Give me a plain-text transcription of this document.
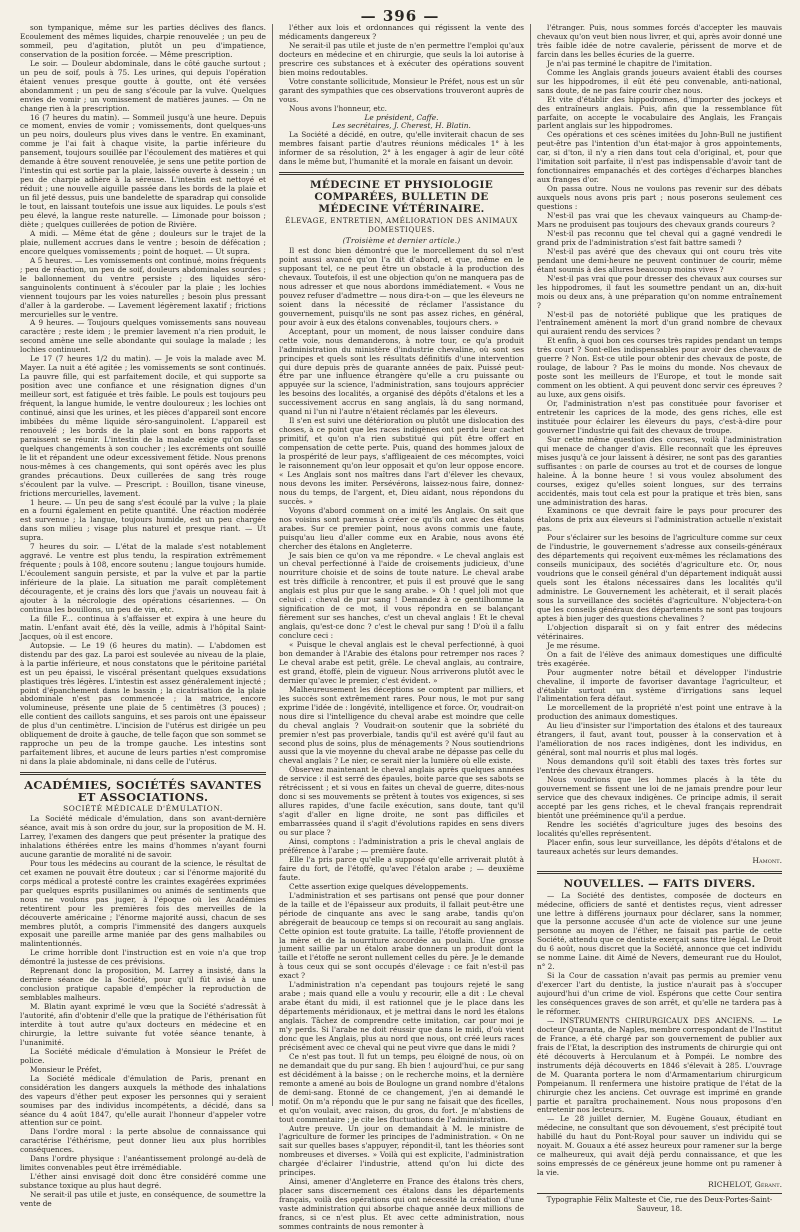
— 396 —

son tympanique, même sur les parties déclives des flancs. Ecoulement des mêmes liquides, charpie renouvelée ; un peu de sommeil, peu d'agitation, plutôt un peu d'impatience, conservation de la position forcée. — Même prescription.

Le soir. — Douleur abdominale, dans le côté gauche surtout ; un peu de soif, pouls à 75. Les urines, qui depuis l'opération étaient venues presque goutte à goutte, ont été versées abondamment ; un peu de sang s'écoule par la vulve. Quelques envies de vomir ; un vomissement de matières jaunes. — On ne change rien à la prescription.

16 (7 heures du matin). — Sommeil jusqu'à une heure. Depuis ce moment, envies de vomir ; vomissements, dont quelques-uns un peu noirs, douleurs plus vives dans le ventre. En examinant, comme je l'ai fait à chaque visite, la partie inférieure du pansement, toujours souillée par l'écoulement des matières et qui demande à être souvent renouvelée, je sens une petite portion de l'intestin qui est sortie par la plaie, laissée ouverte à dessein ; un peu de charpie adhère à la séreuse. L'intestin est nettoyé et réduit ; une nouvelle aiguille passée dans les bords de la plaie et un fil jeté dessus, puis une bandelette de sparadrap qui consolide le tout, en laissant toutefois une issue aux liquides. Le pouls s'est peu élevé, la langue reste naturelle. — Limonade pour boisson ; diète ; quelques cuillerées de potion de Rivière.

A midi. — Même état de gêne ; douleurs sur le trajet de la plaie, nullement accrues dans le ventre ; besoin de défécation ; encore quelques vomissements ; point de hoquet. — Ut supra.

A 5 heures. — Les vomissements ont continué, moins fréquents ; peu de réaction, un peu de soif, douleurs abdominales sourdes ; le ballonnement du ventre persiste ; des liquides séro-sanguinolents continuent à s'écouler par la plaie ; les lochies viennent toujours par les voies naturelles ; besoin plus pressant d'aller à la garderobe. — Lavement légèrement laxatif ; frictions mercurielles sur le ventre.

A 9 heures. — Toujours quelques vomissements sans nouveau caractère ; reste idem ; le premier lavement n'a rien produit, le second amène une selle abondante qui soulage la malade ; les lochies continuent.

Le 17 (7 heures 1/2 du matin). — Je vois la malade avec M. Mayer. La nuit a été agitée ; les vomissements se sont continués. La pauvre fille, qui est parfaitement docile, et qui supporte sa position avec une confiance et une résignation dignes d'un meilleur sort, est fatiguée et très faible. Le pouls est toujours peu fréquent, la langue humide, le ventre douloureux ; les lochies ont continué, ainsi que les urines, et les pièces d'appareil sont encore imbibées du même liquide séro-sanguinolent. L'appareil est renouvelé ; les bords de la plaie sont en bons rapports et paraissent se réunir. L'intestin de la malade exige qu'on fasse quelques changements à son coucher ; les excréments ont souillé le lit et répandent une odeur excessivement fétide. Nous prenons nous-mêmes à ces changements, qui sont opérés avec les plus grandes précautions. Deux cuillerées de sang très rouge s'écoulent par la vulve. — Prescript. : Bouillon, tisane vineuse, frictions mercurielles, lavement.

1 heure. — Un peu de sang s'est écoulé par la vulve ; la plaie en a fourni également en petite quantité. Une réaction modérée est survenue ; la langue, toujours humide, est un peu chargée dans son milieu ; visage plus naturel et presque riant. — Ut supra.

7 heures du soir. — L'état de la malade s'est notablement aggravé. Le ventre est plus tendu, la respiration extrêmement fréquente ; pouls à 108, encore soutenu ; langue toujours humide. L'écoulement sanguin persiste, et par la vulve et par la partie inférieure de la plaie. La situation me paraît complètement découragente, et je crains dès lors que j'avais un nouveau fait à ajouter à la nécrologie des opérations césariennes. — On continua les bouillons, un peu de vin, etc.

La fille F... continua à s'affaisser et expira à une heure du matin. L'enfant avait été, dès la veille, admis à l'hôpital Saint-Jacques, où il est encore.

Autopsie. — Le 19 (6 heures du matin). — L'abdomen est distendu par des gaz. La paroi est soulevée au niveau de la plaie, à la partie inférieure, et nous constatons que le péritoine pariétal est un peu épaissi, le viscéral présentant quelques exsudations plastiques très légères. L'intestin est assez généralement injecté ; point d'épanchement dans le bassin ; la cicatrisation de la plaie abdominale n'est pas commencée ; la matrice, encore volumineuse, présente une plaie de 5 centimètres (3 pouces) ; elle contient des caillots sanguins, et ses parois ont une épaisseur de plus d'un centimètre. L'incision de l'utérus est dirigée un peu obliquement de droite à gauche, de telle façon que son sommet se rapproche un peu de la trompe gauche. Les intestins sont parfaitement libres, et aucune de leurs parties n'est compromise ni dans la plaie abdominale, ni dans celle de l'utérus.

ACADÉMIES, SOCIÉTÉS SAVANTES ET ASSOCIATIONS.
SOCIÉTÉ MÉDICALE D'ÉMULATION.

La Société médicale d'émulation, dans son avant-dernière séance, avait mis à son ordre du jour, sur la proposition de M. H. Larrey, l'examen des dangers que peut présenter la pratique des inhalations éthérées entre les mains d'hommes n'ayant fourni aucune garantie de moralité ni de savoir.

Pour tous les médecins au courant de la science, le résultat de cet examen ne pouvait être douteux ; car si l'énorme majorité du corps médical a protesté contre les craintes exagérées exprimées par quelques esprits pusillanimes ou animés de sentiments que nous ne voulons pas juger, à l'époque où les Académies retentirent pour les premières fois des merveilles de la découverte américaine ; l'énorme majorité aussi, chacun de ses membres plutôt, a compris l'immensité des dangers auxquels exposait une pareille arme maniée par des gens malhabiles ou malintentionnés.

Le crime horrible dont l'instruction est en voie n'a que trop démontré la justesse de ces prévisions.

Reprenant donc la proposition, M. Larrey a insisté, dans la dernière séance de la Société, pour qu'il fût avisé à une conclusion pratique capable d'empêcher la reproduction de semblables malheurs.

M. Blatin ayant exprimé le vœu que la Société s'adressât à l'autorité, afin d'obtenir d'elle que la pratique de l'éthérisation fût interdite à tout autre qu'aux docteurs en médecine et en chirurgie, la lettre suivante fut votée séance tenante, à l'unanimité.

La Société médicale d'émulation à Monsieur le Préfet de police.

Monsieur le Préfet,

La Société médicale d'émulation de Paris, prenant en considération les dangers auxquels la méthode des inhalations des vapeurs d'éther peut exposer les personnes qui y seraient soumises par des individus incompétents, a décidé, dans sa séance du 4 août 1847, qu'elle aurait l'honneur d'appeler votre attention sur ce point.

Dans l'ordre moral : la perte absolue de connaissance qui caractérise l'éthérisme, peut donner lieu aux plus horribles conséquences.

Dans l'ordre physique : l'anéantissement prolongé au-delà de limites convenables peut être irrémédiable.

L'éther ainsi envisagé doit donc être considéré comme une substance toxique au plus haut degré.

Ne serait-il pas utile et juste, en conséquence, de soumettre la vente de

l'éther aux lois et ordonnances qui régissent la vente des médicaments dangereux ?

Ne serait-il pas utile et juste de n'en permettre l'emploi qu'aux docteurs en médecine et en chirurgie, que seuls la loi autorise à prescrire ces substances et à exécuter des opérations souvent bien moins redoutables.

Votre constante sollicitude, Monsieur le Préfet, nous est un sûr garant des sympathies que ces observations trouveront auprès de vous.

Nous avons l'honneur, etc.

Le président, Caffe.
Les secrétaires, J. Cherest, H. Blatin.

La Société a décidé, en outre, qu'elle inviterait chacun de ses membres faisant partie d'autres réunions médicales 1° à les informer de sa résolution, 2° à les engager à agir de leur côté dans le même but, l'humanité et la morale en faisant un devoir.

MÉDECINE ET PHYSIOLOGIE COMPARÉES, BULLETIN DE MÉDECINE VÉTÉRINAIRE.
ÉLEVAGE, ENTRETIEN, AMÉLIORATION DES ANIMAUX DOMESTIQUES.
(Troisième et dernier article.)

Il est donc bien démontré que le morcellement du sol n'est point aussi avancé qu'on l'a dit d'abord, et que, même en le supposant tel, ce ne peut être un obstacle à la production des chevaux. Toutefois, il est une objection qu'on ne manquera pas de nous adresser et que nous abordons immédiatement. « Vous ne pouvez refuser d'admettre — nous dira-t-on — que les éleveurs ne soient dans la nécessité de réclamer l'assistance du gouvernement, puisqu'ils ne sont pas assez riches, en général, pour avoir à eux des étalons convenables, toujours chers. »

Acceptant, pour un moment, de nous laisser conduire dans cette voie, nous demanderons, à notre tour, ce qu'a produit l'administration du ministère d'industrie chevaline, où sont ses principes et quels sont les résultats définitifs d'une intervention qui dure depuis près de quarante années de paix. Puissé peut-être par une influence étrangère qu'elle a cru puissante ou appuyée sur la science, l'administration, sans toujours apprécier les besoins des localités, a organisé des dépôts d'étalons et les a successivement accrus en sang anglais, là du sang normand, quand ni l'un ni l'autre n'étaient réclamés par les éleveurs.

Il s'en est suivi une détérioration ou plutôt une dislocation des choses, à ce point que les races indigènes ont perdu leur cachet primitif, et qu'on n'a rien substitué qui pût être offert en compensation de cette perte. Puis, quand des hommes jaloux de la prospérité de leur pays, s'affligeaient de ces mécomptes, voici le raisonnement qu'on leur opposait et qu'on leur oppose encore. « Les Anglais sont nos maîtres dans l'art d'élever les chevaux, nous devons les imiter. Persévérons, laissez-nous faire, donnez-nous du temps, de l'argent, et, Dieu aidant, nous répondons du succès. »

Voyons d'abord comment on a imité les Anglais. On sait que nos voisins sont parvenus à créer ce qu'ils ont avec des étalons arabes. Sur ce premier point, nous avons commis une faute, puisqu'au lieu d'aller comme eux en Arabie, nous avons été chercher des étalons en Angleterre.

Je sais bien ce qu'on va me répondre. « Le cheval anglais est un cheval perfectionné à l'aide de croisements judicieux, d'une nourriture choisie et de soins de toute nature. Le cheval arabe est très difficile à rencontrer, et puis il est prouvé que le sang anglais est plus pur que le sang arabe. » Oh ! quel joli mot que celui-ci : cheval de pur sang ! Demandez à ce gentilhomme la signification de ce mot, il vous répondra en se balançant fièrement sur ses hanches, c'est un cheval anglais ! Et le cheval anglais, qu'est-ce donc ? c'est le cheval pur sang ! D'où il a fallu conclure ceci :

« Puisque le cheval anglais est le cheval perfectionné, à quoi bon demander à l'Arabie des étalons pour retremper nos races ? Le cheval arabe est petit, grêle. Le cheval anglais, au contraire, est grand, étoffé, plein de vigueur. Nous arriverons plutôt avec le dernier qu'avec le premier, c'est évident. »

Malheureusement les déceptions se comptent par milliers, et les succès sont extrêmement rares. Pour nous, le mot pur sang exprime l'idée de : longévité, intelligence et force. Or, voudrait-on nous dire si l'intelligence du cheval arabe est moindre que celle du cheval anglais ? Voudrait-on soutenir que la sobriété du premier n'est pas proverbiale, tandis qu'il est avéré qu'il faut au second plus de soins, plus de ménagements ? Nous soutiendrions aussi que la vie moyenne du cheval arabe ne dépasse pas celle du cheval anglais ? Le nier, ce serait nier la lumière où elle existe.

Observez maintenant le cheval anglais après quelques années de service : il est serré des épaules, boite parce que ses sabots se rétrécissent ; et si vous en faites un cheval de guerre, dites-nous donc si ses mouvements se prêtent à toutes vos exigences, si ses allures rapides, d'une facile exécution, sans doute, tant qu'il s'agit d'aller en ligne droite, ne sont pas difficiles et embarrassées quand il s'agit d'évolutions rapides en sens divers ou sur place ?

Ainsi, comptons : l'administration a pris le cheval anglais de préférence à l'arabe ; — première faute.

Elle l'a pris parce qu'elle a supposé qu'elle arriverait plutôt à faire du fort, de l'étoffé, qu'avec l'étalon arabe ; — deuxième faute.

Cette assertion exige quelques développements.

L'administration et ses partisans ont pensé que pour donner de la taille et de l'épaisseur aux produits, il fallait peut-être une période de cinquante ans avec le sang arabe, tandis qu'on abrégerait de beaucoup ce temps si on recourait au sang anglais. Cette opinion est toute gratuite. La taille, l'étoffe proviennent de la mère et de la nourriture accordée au poulain. Une grosse jument saillie par un étalon arabe donnera un produit dont la taille et l'étoffe ne seront nullement celles du père. Je le demande à tous ceux qui se sont occupés d'élevage : ce fait n'est-il pas exact ?

L'administration n'a cependant pas toujours rejeté le sang arabe ; mais quand elle a voulu y recourir, elle a dit : Le cheval arabe étant du midi, il est rationnel que je le place dans les départements méridionaux, et je mettrai dans le nord les étalons anglais. Tâchez de comprendre cette imitation, car pour moi je m'y perds. Si l'arabe ne doit réussir que dans le midi, d'où vient donc que les Anglais, plus au nord que nous, ont créé leurs races précisément avec ce cheval qui ne peut vivre que dans le midi ?

Ce n'est pas tout. Il fut un temps, peu éloigné de nous, où on ne demandait que du pur sang. Eh bien ! aujourd'hui, ce pur sang est décidément à la baisse ; on le recherche moins, et la dernière remonte a amené au bois de Boulogne un grand nombre d'étalons de demi-sang. Etonné de ce changement, j'en ai demandé le motif. On m'a répondu que le pur sang ne faisait que des ficelles, et qu'on voulait, avec raison, du gros, du fort. Je m'abstiens de tout commentaire ; je cite les fluctuations de l'administration.

Autre preuve. Un jour on demandait à M. le ministre de l'agriculture de former les principes de l'administration. « On ne sait sur quelles bases s'appuyer, répondit-il, tant les théories sont nombreuses et diverses. » Voilà qui est explicite, l'administration chargée d'éclairer l'industrie, attend qu'on lui dicte des principes.

Ainsi, amener d'Angleterre en France des étalons très chers, placer sans discernement ces étalons dans les départements français, voilà des opérations qui ont nécessité la création d'une vaste administration qui absorbe chaque année deux millions de francs, si ce n'est plus. Et avec cette administration, nous sommes contraints de nous remonter à

l'étranger. Puis, nous sommes forcés d'accepter les mauvais chevaux qu'on veut bien nous livrer, et qui, après avoir donné une très faible idée de notre cavalerie, périssent de morve et de farcin dans les belles écuries de la guerre.

Je n'ai pas terminé le chapitre de l'imitation.

Comme les Anglais grands joueurs avaient établi des courses sur les hippodromes, il eût été peu convenable, anti-national, sans doute, de ne pas faire courir chez nous.

Et vite d'établir des hippodromes, d'importer des jockeys et des entraîneurs anglais. Puis, afin que la ressemblance fût parfaite, on accepte le vocabulaire des Anglais, les Français parlent anglais sur les hippodromes.

Ces opérations et ces scènes imitées du John-Bull ne justifient peut-être pas l'intention d'un état-major à gros appointements, car, si d'ton, il n'y a rien dans tout cela d'original, et, pour que l'imitation soit parfaite, il n'est pas indispensable d'avoir tant de fonctionnaires empanachés et des cortèges d'écharpes blanches aux franges d'or.

On passa outre. Nous ne voulons pas revenir sur des débats auxquels nous avons pris part ; nous poserons seulement ces questions :

N'est-il pas vrai que les chevaux vainqueurs au Champ-de-Mars ne produisent pas toujours des chevaux grands coureurs ?

N'est-il pas reconnu que tel cheval qui a gagné vendredi le grand prix de l'administration s'est fait battre samedi ?

N'est-il pas avéré que des chevaux qui ont couru très vite pendant une demi-heure ne peuvent continuer de courir, même étant soumis à des allures beaucoup moins vives ?

N'est-il pas vrai que pour dresser des chevaux aux courses sur les hippodromes, il faut les soumettre pendant un an, dix-huit mois ou deux ans, à une préparation qu'on nomme entraînement ?

N'est-il pas de notoriété publique que les pratiques de l'entraînement amènent la mort d'un grand nombre de chevaux qui auraient rendu des services ?

Et enfin, à quoi bon ces courses très rapides pendant un temps très court ? Sont-elles indispensables pour avoir des chevaux de guerre ? Non. Est-ce utile pour obtenir des chevaux de poste, de roulage, de labour ? Pas le moins du monde. Nos chevaux de poste sont les meilleurs de l'Europe, et tout le monde sait comment on les obtient. A qui peuvent donc servir ces épreuves ? au luxe, aux gens oisifs.

Or, l'administration n'est pas constituée pour favoriser et entretenir les caprices de la mode, des gens riches, elle est instituée pour éclairer les éleveurs du pays, c'est-à-dire pour gouverner l'industrie qui fait des chevaux de troupe.

Sur cette même question des courses, voilà l'administration qui menace de changer d'avis. Elle reconnaît que les épreuves mises jusqu'à ce jour laissent à désirer, ne sont pas des garanties suffisantes : on parle de courses au trot et de courses de longue haleine. À la bonne heure ! si vous voulez absolument des courses, exigez qu'elles soient longues, sur des terrains accidentés, mais tout cela est pour la pratique et très bien, sans une administration des haras.

Examinons ce que devrait faire le pays pour procurer des étalons de prix aux éleveurs si l'administration actuelle n'existait pas.

Pour s'éclairer sur les besoins de l'agriculture comme sur ceux de l'industrie, le gouvernement s'adresse aux conseils-généraux des départements qui reçoivent eux-mêmes les réclamations des conseils municipaux, des sociétés d'agriculture etc. Or, nous voudrions que le conseil général d'un département indiquât aussi quels sont les étalons nécessaires dans les localités qu'il administre. Le Gouvernement les achèterait, et il serait placés sous la surveillance des sociétés d'agriculture. N'objectera-t-on que les conseils généraux des départements ne sont pas toujours aptes à bien juger des questions chevalines ?

L'objection disparaît si on y fait entrer des médecins vétérinaires.

Je me résume.

On a fait de l'élève des animaux domestiques une difficulté très exagérée.

Pour augmenter notre bétail et développer l'industrie chevaline, il importe de favoriser davantage l'agriculteur, et d'établir surtout un système d'irrigations sans lequel l'alimentation fera défaut.

Le morcellement de la propriété n'est point une entrave à la production des animaux domestiques.

Au lieu d'insister sur l'importation des étalons et des taureaux étrangers, il faut, avant tout, pousser à la conservation et à l'amélioration de nos races indigènes, dont les individus, en général, sont mal nourris et plus mal logés.

Nous demandons qu'il soit établi des taxes très fortes sur l'entrée des chevaux étrangers.

Nous voudrions que les hommes placés à la tête du gouvernement se fissent une loi de ne jamais prendre pour leur service que des chevaux indigènes. Ce principe admis, il serait accepté par les gens riches, et le cheval français reprendrait bientôt une prééminence qu'il a perdue.

Rendre les sociétés d'agriculture juges des besoins des localités qu'elles représentent.

Placer enfin, sous leur surveillance, les dépôts d'étalons et de taureaux achetés sur leurs demandes.

Hamont.
NOUVELLES. — FAITS DIVERS.

— La Société des dentistes, composée de docteurs en médecine, officiers de santé et dentistes reçus, vient adresser une lettre à différens journaux pour déclarer, sans la nommer, que la personne accusée d'un acte de violence sur une jeune personne au moyen de l'éther, ne faisait pas partie de cette Société, attendu que ce dentiste exerçait sans titre légal. Le Droit du 6 août, nous discret que la Société, annonce que cet individu se nomme Laine. dit Aimé de Nevers, demeurant rue du Houlot, n° 2.

Si la Cour de cassation n'avait pas permis au premier venu d'exercer l'art du dentiste, la justice n'aurait pas à s'occuper aujourd'hui d'un crime de viol. Espérons que cette Cour sentira les conséquences graves de son arrêt, et qu'elle ne tardera pas à le réformer.

— INSTRUMENTS CHIRURGICAUX DES ANCIENS. — Le docteur Quaranta, de Naples, membre correspondant de l'Institut de France, a été chargé par son gouvernement de publier aux frais de l'Etat, la description des instruments de chirurgie qui ont été découverts à Herculanum et à Pompéi. Le nombre des instruments déjà découverts en 1846 s'élevait à 285. L'ouvrage de M. Quaranta portera le nom d'Armamentarium chirurgicum Pompeianum. Il renfermera une histoire pratique de l'état de la chirurgie chez les anciens. Cet ouvrage est imprimé en grande partie et paraîtra prochainement. Nous nous proposons d'en entretenir nos lecteurs.

— Le 28 juillet dernier, M. Eugène Gouaux, étudiant en médecine, ne consultant que son dévouement, s'est précipité tout habillé du haut du Pont-Royal pour sauver un individu qui se noyait. M. Gouaux a été assez heureux pour ramener sur la berge ce malheureux, qui avait déjà perdu connaissance, et que les soins empressés de ce généreux jeune homme ont pu ramener à la vie.

RICHELOT, Gérant.
Typographie Félix Malteste et Cie, rue des Deux-Portes-Saint-Sauveur, 18.
